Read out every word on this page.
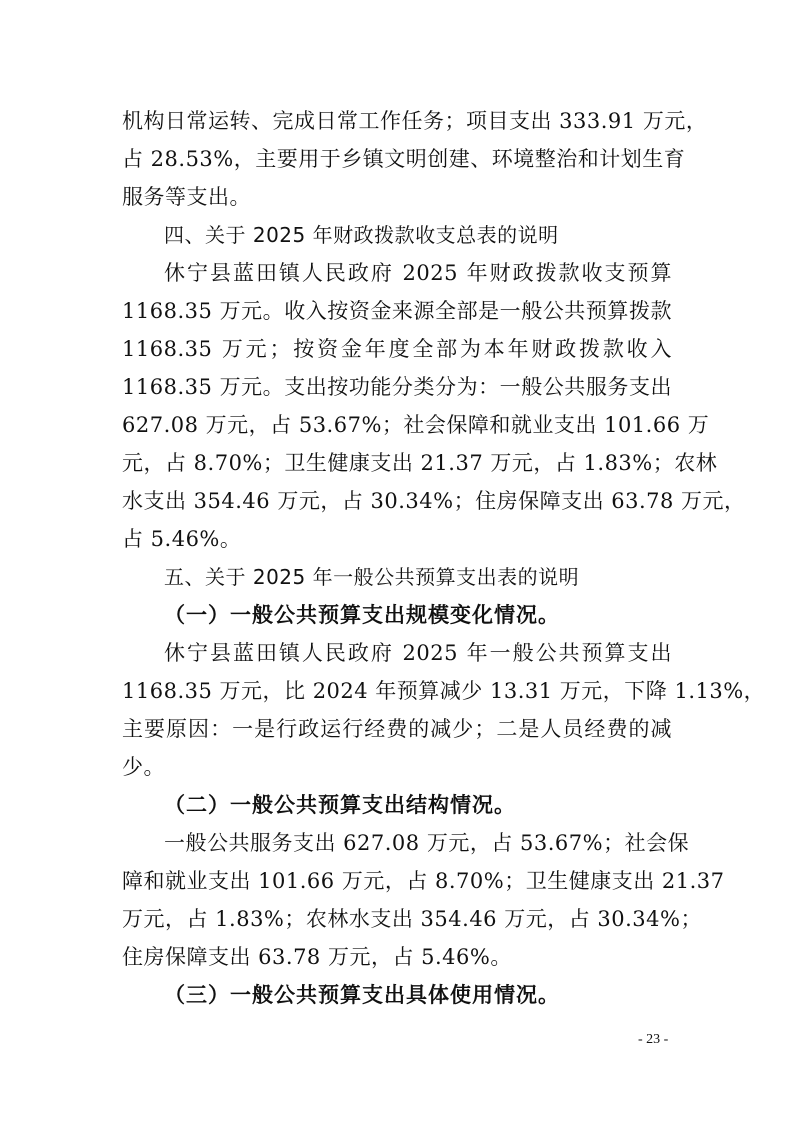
机构日常运转、完成日常工作任务；项目支出 333.91 万元，
占 28.53%，主要用于乡镇文明创建、环境整治和计划生育
服务等支出。
四、关于 2025 年财政拨款收支总表的说明
休宁县蓝田镇人民政府 2025 年财政拨款收支预算
1168.35 万元。收入按资金来源全部是一般公共预算拨款
1168.35 万元；按资金年度全部为本年财政拨款收入
1168.35 万元。支出按功能分类分为：一般公共服务支出
627.08 万元，占 53.67%；社会保障和就业支出 101.66 万
元，占 8.70%；卫生健康支出 21.37 万元，占 1.83%；农林
水支出 354.46 万元，占 30.34%；住房保障支出 63.78 万元，
占 5.46%。
五、关于 2025 年一般公共预算支出表的说明
（一）一般公共预算支出规模变化情况。
休宁县蓝田镇人民政府 2025 年一般公共预算支出
1168.35 万元，比 2024 年预算减少 13.31 万元，下降 1.13%，
主要原因：一是行政运行经费的减少；二是人员经费的减
少。
（二）一般公共预算支出结构情况。
一般公共服务支出 627.08 万元，占 53.67%；社会保
障和就业支出 101.66 万元，占 8.70%；卫生健康支出 21.37
万元，占 1.83%；农林水支出 354.46 万元，占 30.34%；
住房保障支出 63.78 万元，占 5.46%。
（三）一般公共预算支出具体使用情况。
- 23 -
